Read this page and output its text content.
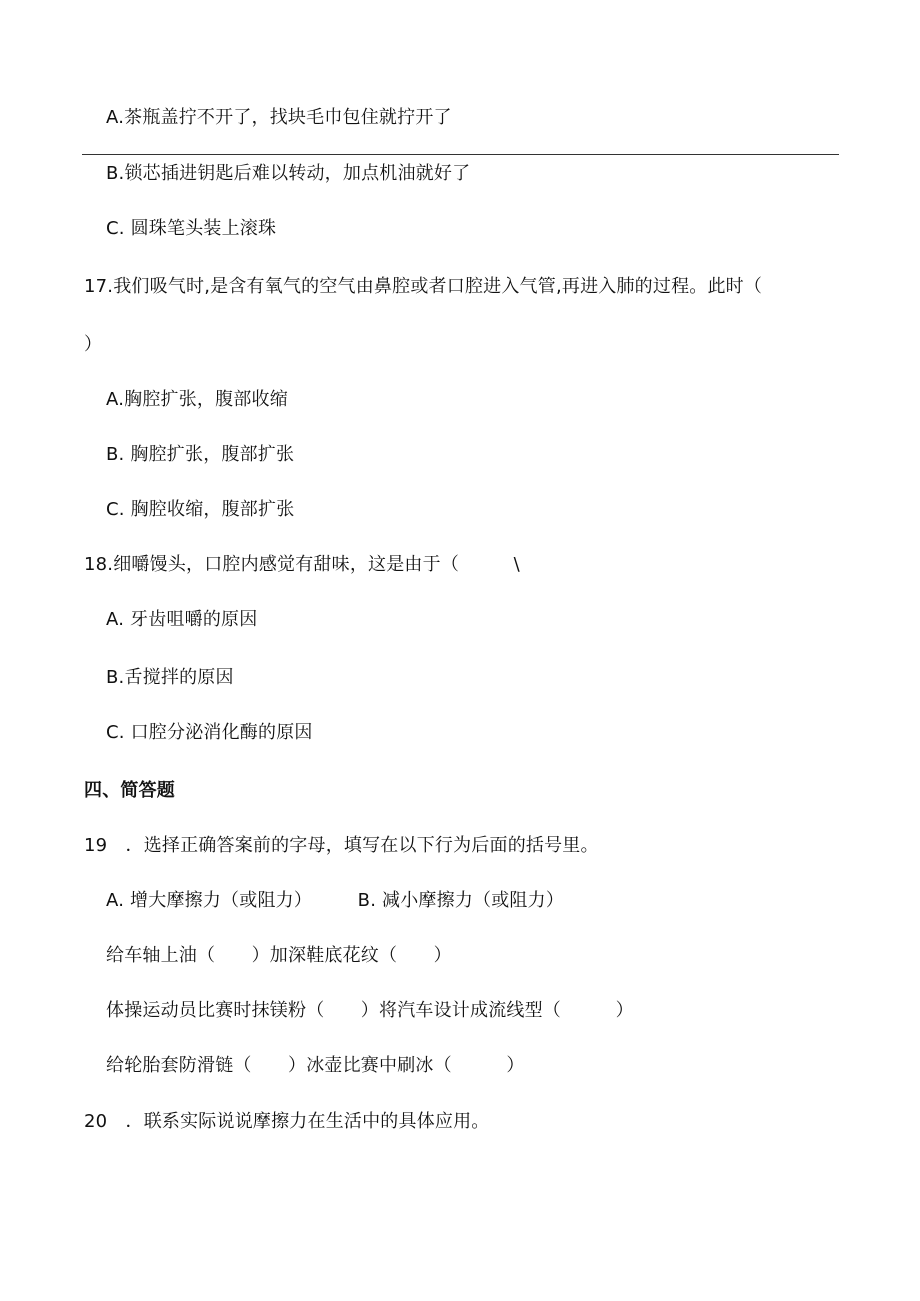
A.茶瓶盖拧不开了，找块毛巾包住就拧开了
B.锁芯插进钥匙后难以转动，加点机油就好了
C. 圆珠笔头装上滚珠
17.我们吸气时,是含有氧气的空气由鼻腔或者口腔进入气管,再进入肺的过程。此时（
）
A.胸腔扩张，腹部收缩
B. 胸腔扩张，腹部扩张
C. 胸腔收缩，腹部扩张
18.细嚼馒头，口腔内感觉有甜味，这是由于（　　　\
A. 牙齿咀嚼的原因
B.舌搅拌的原因
C. 口腔分泌消化酶的原因
四、简答题
19　．选择正确答案前的字母，填写在以下行为后面的括号里。
A. 增大摩擦力（或阻力）　　　B. 减小摩擦力（或阻力）
给车轴上油（　　）加深鞋底花纹（　　）
体操运动员比赛时抹镁粉（　　）将汽车设计成流线型（　　　）
给轮胎套防滑链（　　）冰壶比赛中刷冰（　　　）
20　．联系实际说说摩擦力在生活中的具体应用。
